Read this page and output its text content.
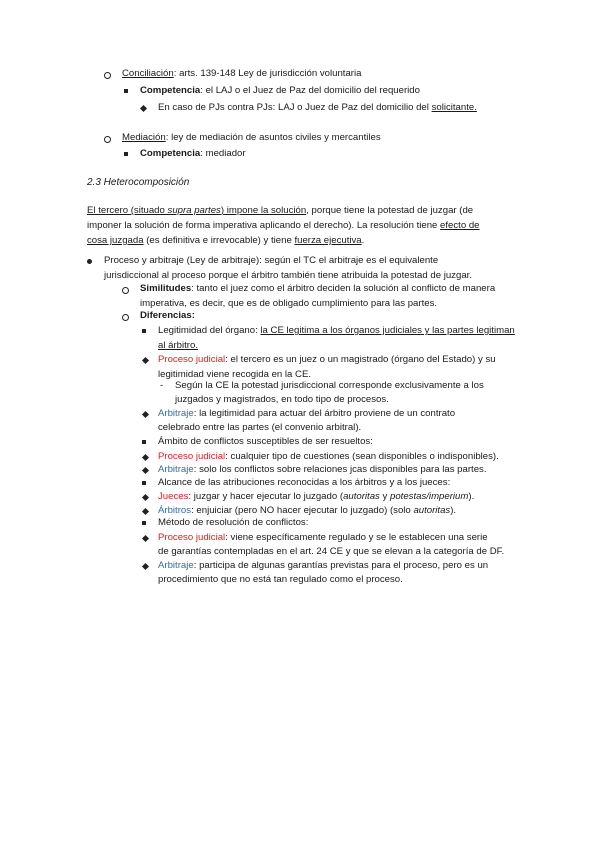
Conciliación: arts. 139-148 Ley de jurisdicción voluntaria
Competencia: el LAJ o el Juez de Paz del domicilio del requerido
En caso de PJs contra PJs: LAJ o Juez de Paz del domicilio del solicitante.
Mediación: ley de mediación de asuntos civiles y mercantiles
Competencia: mediador
2.3 Heterocomposición
El tercero (situado supra partes) impone la solución, porque tiene la potestad de juzgar (de
imponer la solución de forma imperativa aplicando el derecho). La resolución tiene efecto de
cosa juzgada (es definitiva e irrevocable) y tiene fuerza ejecutiva.
Proceso y arbitraje (Ley de arbitraje): según el TC el arbitraje es el equivalente
jurisdiccional al proceso porque el árbitro también tiene atribuida la potestad de juzgar.
Similitudes: tanto el juez como el árbitro deciden la solución al conflicto de manera
imperativa, es decir, que es de obligado cumplimiento para las partes.
Diferencias:
Legitimidad del órgano: la CE legitima a los órganos judiciales y las partes legitiman
al árbitro.
Proceso judicial: el tercero es un juez o un magistrado (órgano del Estado) y su
legitimidad viene recogida en la CE.
- Según la CE la potestad jurisdiccional corresponde exclusivamente a los
juzgados y magistrados, en todo tipo de procesos.
Arbitraje: la legitimidad para actuar del árbitro proviene de un contrato
celebrado entre las partes (el convenio arbitral).
Ámbito de conflictos susceptibles de ser resueltos:
Proceso judicial: cualquier tipo de cuestiones (sean disponibles o indisponibles).
Arbitraje: solo los conflictos sobre relaciones jcas disponibles para las partes.
Alcance de las atribuciones reconocidas a los árbitros y a los jueces:
Jueces: juzgar y hacer ejecutar lo juzgado (autoritas y potestas/imperium).
Árbitros: enjuiciar (pero NO hacer ejecutar lo juzgado) (solo autoritas).
Método de resolución de conflictos:
Proceso judicial: viene específicamente regulado y se le establecen una serie
de garantías contempladas en el art. 24 CE y que se elevan a la categoría de DF.
Arbitraje: participa de algunas garantías previstas para el proceso, pero es un
procedimiento que no está tan regulado como el proceso.
